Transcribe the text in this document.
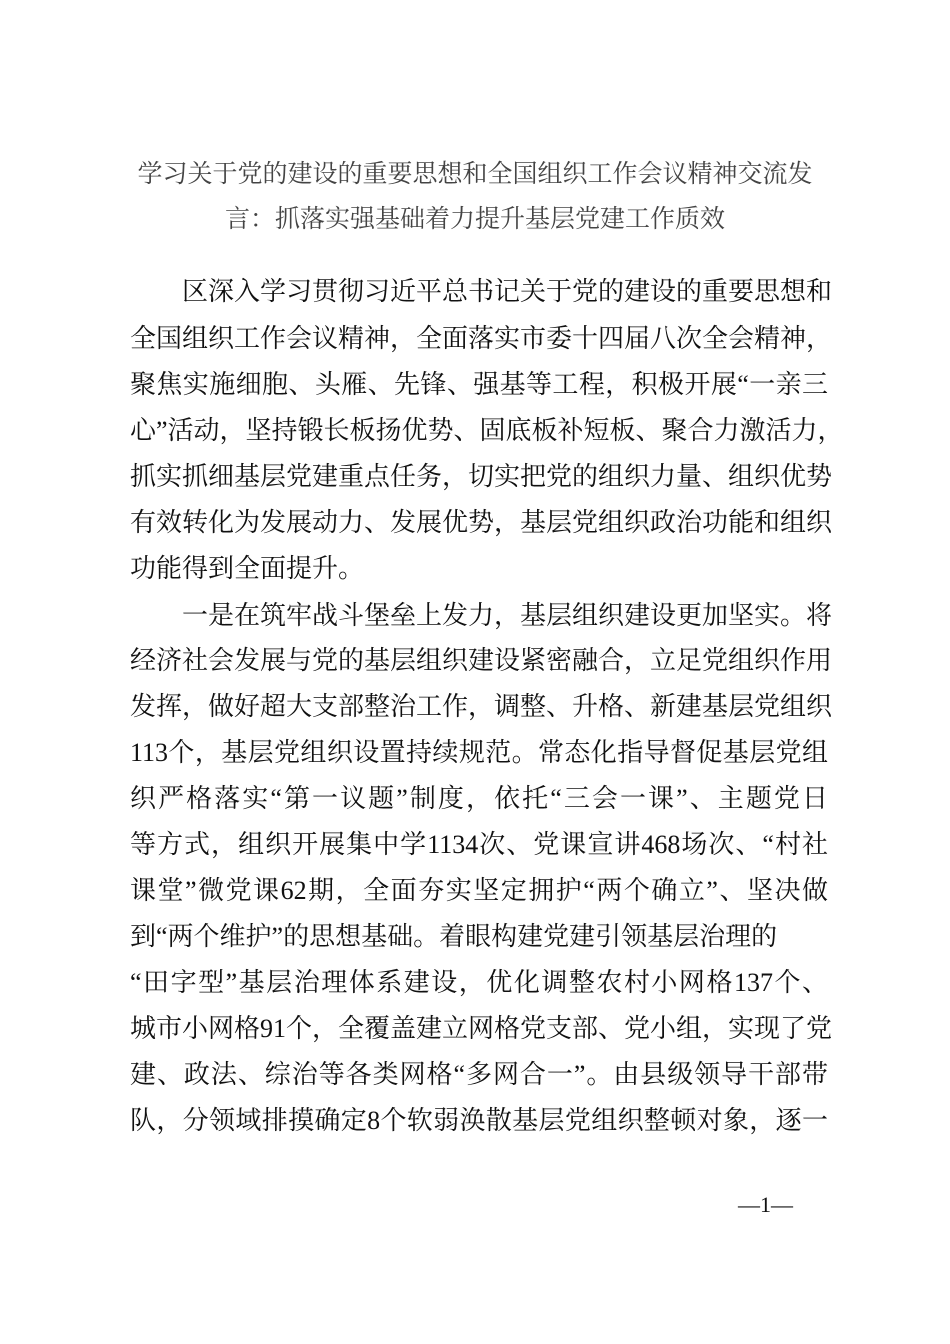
学习关于党的建设的重要思想和全国组织工作会议精神交流发
言：抓落实强基础着力提升基层党建工作质效
区深入学习贯彻习近平总书记关于党的建设的重要思想和
全国组织工作会议精神，全面落实市委十四届八次全会精神，
聚焦实施细胞、头雁、先锋、强基等工程，积极开展“一亲三
心”活动，坚持锻长板扬优势、固底板补短板、聚合力激活力，
抓实抓细基层党建重点任务，切实把党的组织力量、组织优势
有效转化为发展动力、发展优势，基层党组织政治功能和组织
功能得到全面提升。
一是在筑牢战斗堡垒上发力，基层组织建设更加坚实。将
经济社会发展与党的基层组织建设紧密融合，立足党组织作用
发挥，做好超大支部整治工作，调整、升格、新建基层党组织
113个，基层党组织设置持续规范。常态化指导督促基层党组
织严格落实“第一议题”制度，依托“三会一课”、主题党日
等方式，组织开展集中学1134次、党课宣讲468场次、“村社
课堂”微党课62期，全面夯实坚定拥护“两个确立”、坚决做
到“两个维护”的思想基础。着眼构建党建引领基层治理的
“田字型”基层治理体系建设，优化调整农村小网格137个、
城市小网格91个，全覆盖建立网格党支部、党小组，实现了党
建、政法、综治等各类网格“多网合一”。由县级领导干部带
队，分领域排摸确定8个软弱涣散基层党组织整顿对象，逐一
—1—
